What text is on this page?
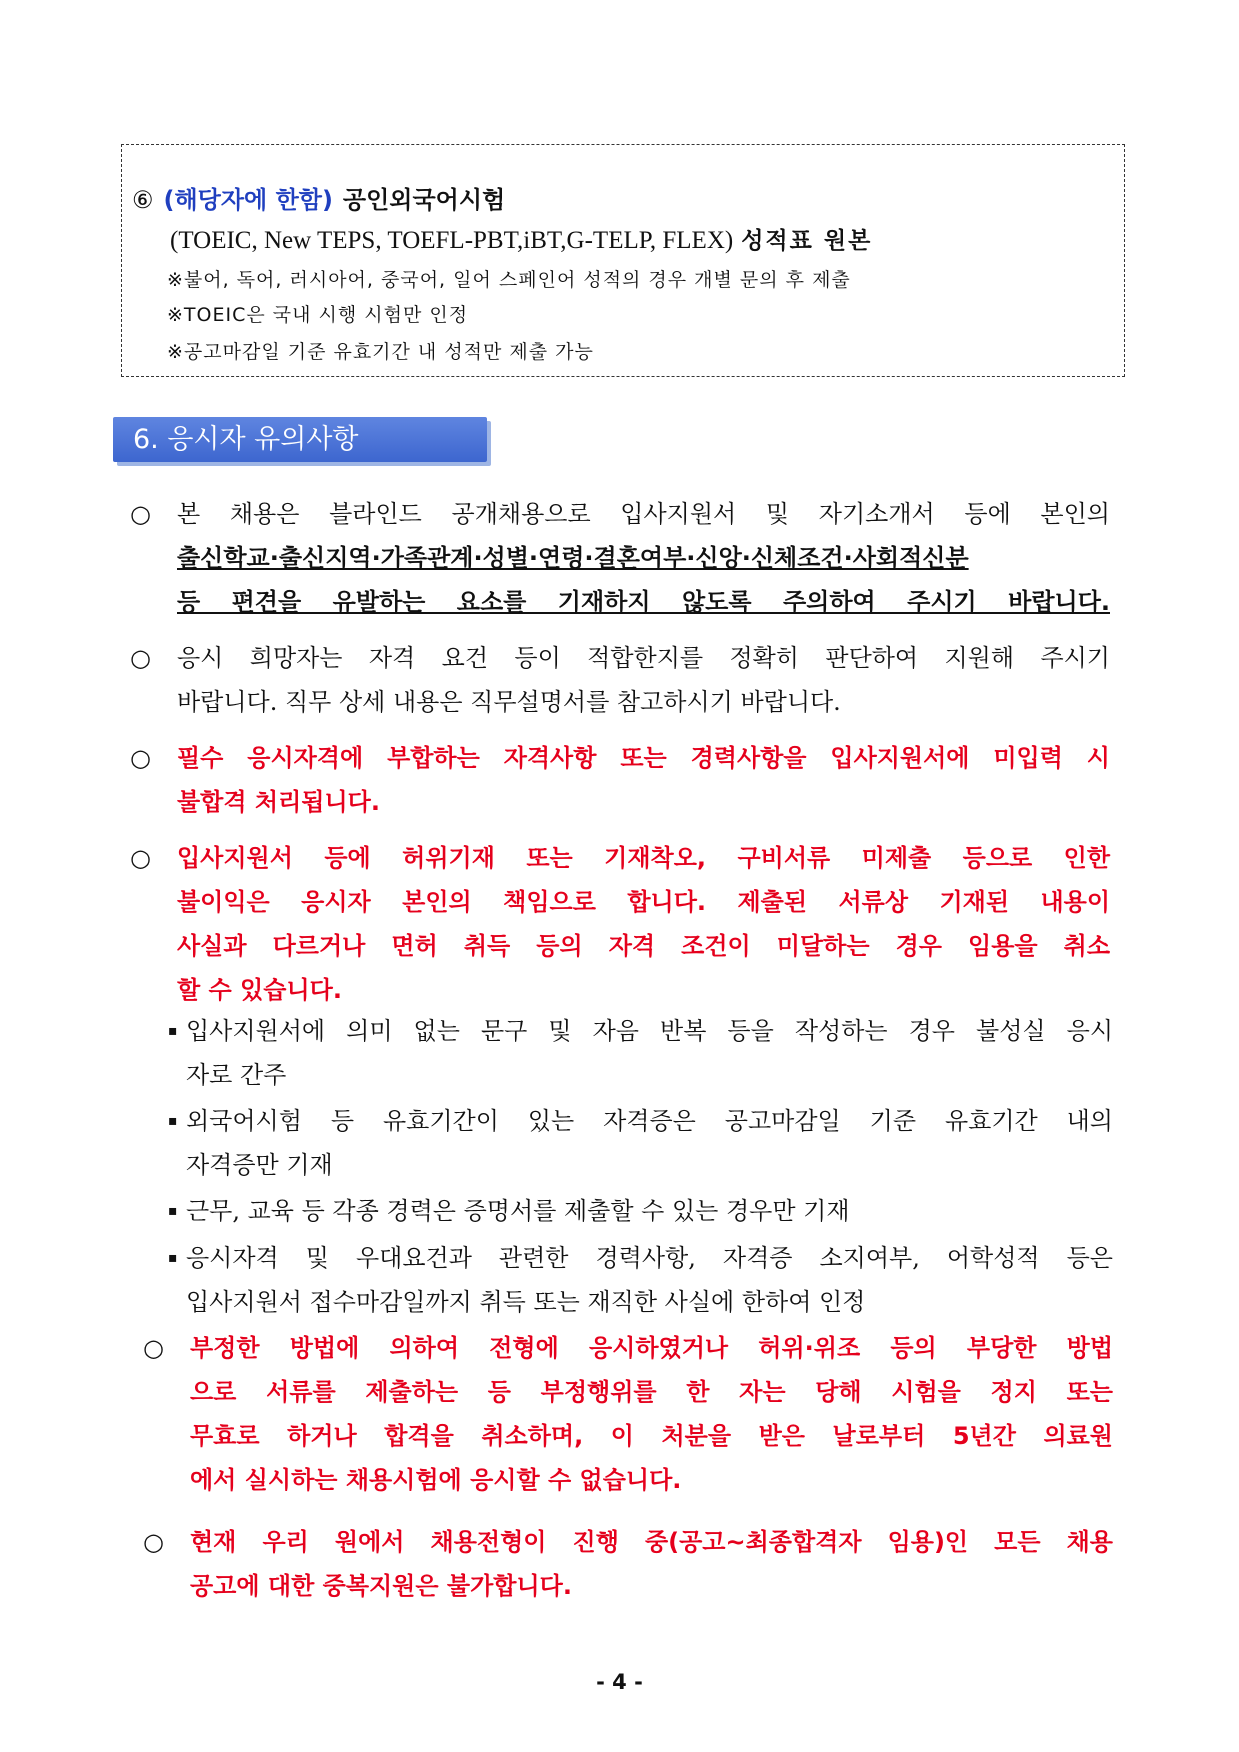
⑥ (해당자에 한함) 공인외국어시험
(TOEIC, New TEPS, TOEFL-PBT,iBT,G-TELP, FLEX) 성적표 원본
※불어, 독어, 러시아어, 중국어, 일어 스페인어 성적의 경우 개별 문의 후 제출
※TOEIC은 국내 시행 시험만 인정
※공고마감일 기준 유효기간 내 성적만 제출 가능
6. 응시자 유의사항
○ 본 채용은 블라인드 공개채용으로 입사지원서 및 자기소개서 등에 본인의
출신학교·출신지역·가족관계·성별·연령·결혼여부·신앙·신체조건·사회적신분
등 편견을 유발하는 요소를 기재하지 않도록 주의하여 주시기 바랍니다.
○ 응시 희망자는 자격 요건 등이 적합한지를 정확히 판단하여 지원해 주시기
바랍니다. 직무 상세 내용은 직무설명서를 참고하시기 바랍니다.
○ 필수 응시자격에 부합하는 자격사항 또는 경력사항을 입사지원서에 미입력 시
불합격 처리됩니다.
○ 입사지원서 등에 허위기재 또는 기재착오, 구비서류 미제출 등으로 인한
불이익은 응시자 본인의 책임으로 합니다. 제출된 서류상 기재된 내용이
사실과 다르거나 면허 취득 등의 자격 조건이 미달하는 경우 임용을 취소
할 수 있습니다.
▪ 입사지원서에 의미 없는 문구 및 자음 반복 등을 작성하는 경우 불성실 응시
자로 간주
▪ 외국어시험 등 유효기간이 있는 자격증은 공고마감일 기준 유효기간 내의
자격증만 기재
▪ 근무, 교육 등 각종 경력은 증명서를 제출할 수 있는 경우만 기재
▪ 응시자격 및 우대요건과 관련한 경력사항, 자격증 소지여부, 어학성적 등은
입사지원서 접수마감일까지 취득 또는 재직한 사실에 한하여 인정
○ 부정한 방법에 의하여 전형에 응시하였거나 허위·위조 등의 부당한 방법
으로 서류를 제출하는 등 부정행위를 한 자는 당해 시험을 정지 또는
무효로 하거나 합격을 취소하며, 이 처분을 받은 날로부터 5년간 의료원
에서 실시하는 채용시험에 응시할 수 없습니다.
○ 현재 우리 원에서 채용전형이 진행 중(공고~최종합격자 임용)인 모든 채용
공고에 대한 중복지원은 불가합니다.
- 4 -
